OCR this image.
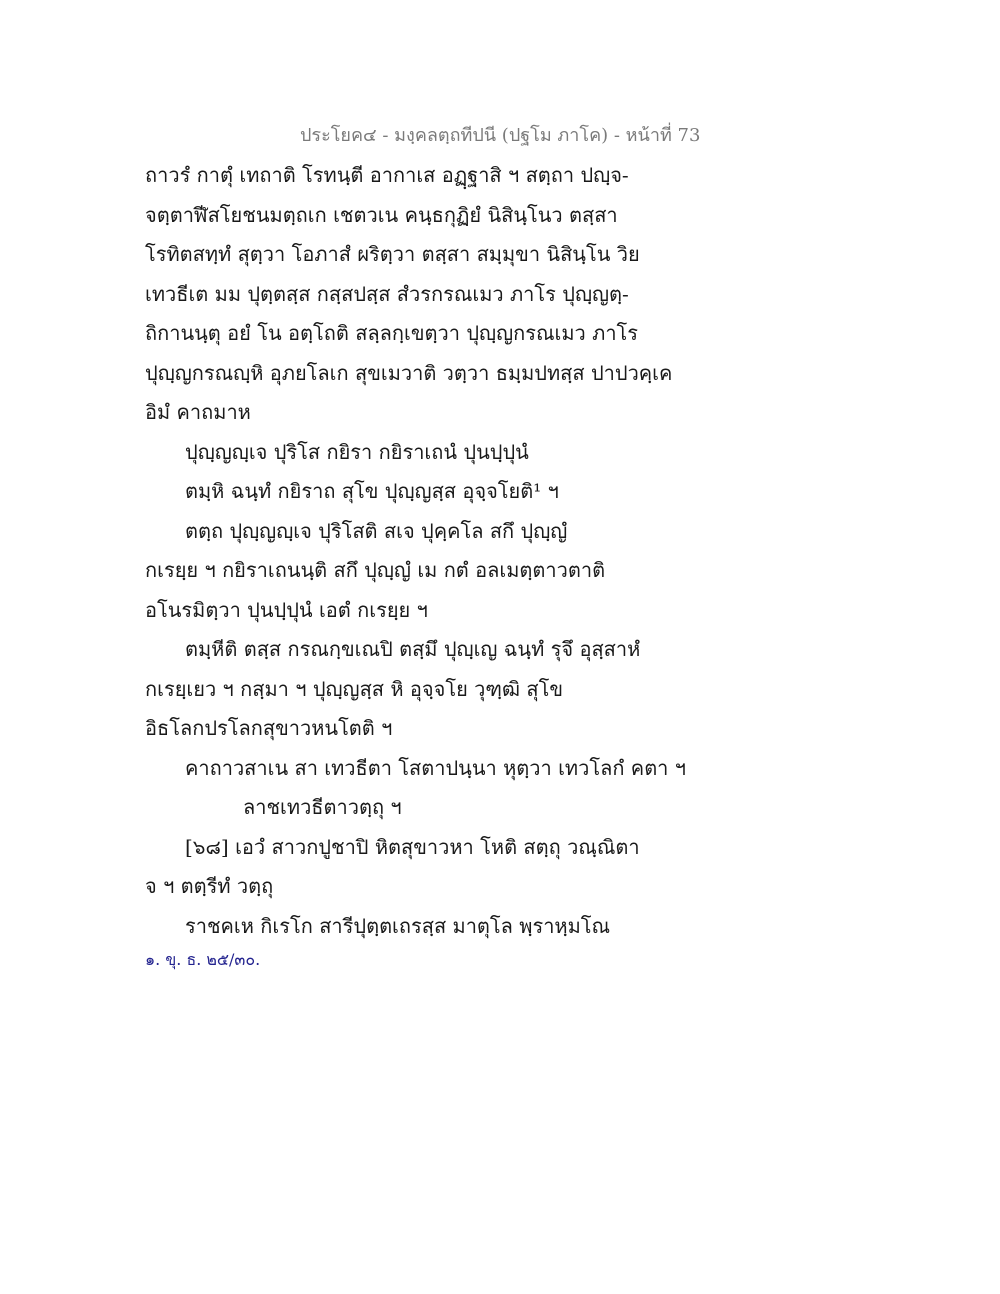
ประโยค๔ - มงฺคลตฺถทีปนี (ปฐโม ภาโค) - หน้าที่ 73
ถาวรํ กาตุํ เทถาติ โรทนฺตี อากาเส อฏฺฐาสิ ฯ สตฺถา ปญฺจ-
จตฺตาฬีสโยชนมตฺถเก เชตวเน คนฺธกุฏิยํ นิสินฺโนว ตสฺสา
โรทิตสทฺทํ สุตฺวา โอภาสํ ผริตฺวา ตสฺสา สมฺมุขา นิสินฺโน วิย
เทวธีเต มม ปุตฺตสฺส กสฺสปสฺส สํวรกรณเมว ภาโร ปุญฺญตฺ-
ถิกานนฺตุ อยํ โน อตฺโถติ สลฺลกฺเขตฺวา ปุญฺญกรณเมว ภาโร
ปุญฺญกรณญฺหิ อุภยโลเก สุขเมวาติ วตฺวา ธมฺมปทสฺส ปาปวคฺเค
อิมํ คาถมาห
ปุญฺญญฺเจ ปุริโส กยิรา กยิราเถนํ ปุนปฺปุนํ
ตมฺหิ ฉนฺทํ กยิราถ สุโข ปุญฺญสฺส อุจฺจโยติ¹ ฯ
ตตฺถ ปุญฺญญฺเจ ปุริโสติ สเจ ปุคฺคโล สกึ ปุญฺญํ
กเรยฺย ฯ กยิราเถนนฺติ สกึ ปุญฺญํ เม กตํ อลเมตฺตาวตาติ
อโนรมิตฺวา ปุนปฺปุนํ เอตํ กเรยฺย ฯ
ตมฺหีติ ตสฺส กรณกฺขเณปิ ตสฺมึ ปุญฺเญ ฉนฺทํ รุจึ อุสฺสาหํ
กเรยฺเยว ฯ กสฺมา ฯ ปุญฺญสฺส หิ อุจฺจโย วุฑฺฒิ สุโข
อิธโลกปรโลกสุขาวหนโตติ ฯ
คาถาวสาเน สา เทวธีตา โสตาปนฺนา หุตฺวา เทวโลกํ คตา ฯ
ลาชเทวธีตาวตฺถุ ฯ
[๖๘] เอวํ สาวกปูชาปิ หิตสุขาวหา โหติ สตฺถุ วณฺณิตา
จ ฯ ตตฺรีทํ วตฺถุ
ราชคเห กิเรโก สารีปุตฺตเถรสฺส มาตุโล พฺราหฺมโณ
๑. ขุ. ธ. ๒๕/๓๐.
